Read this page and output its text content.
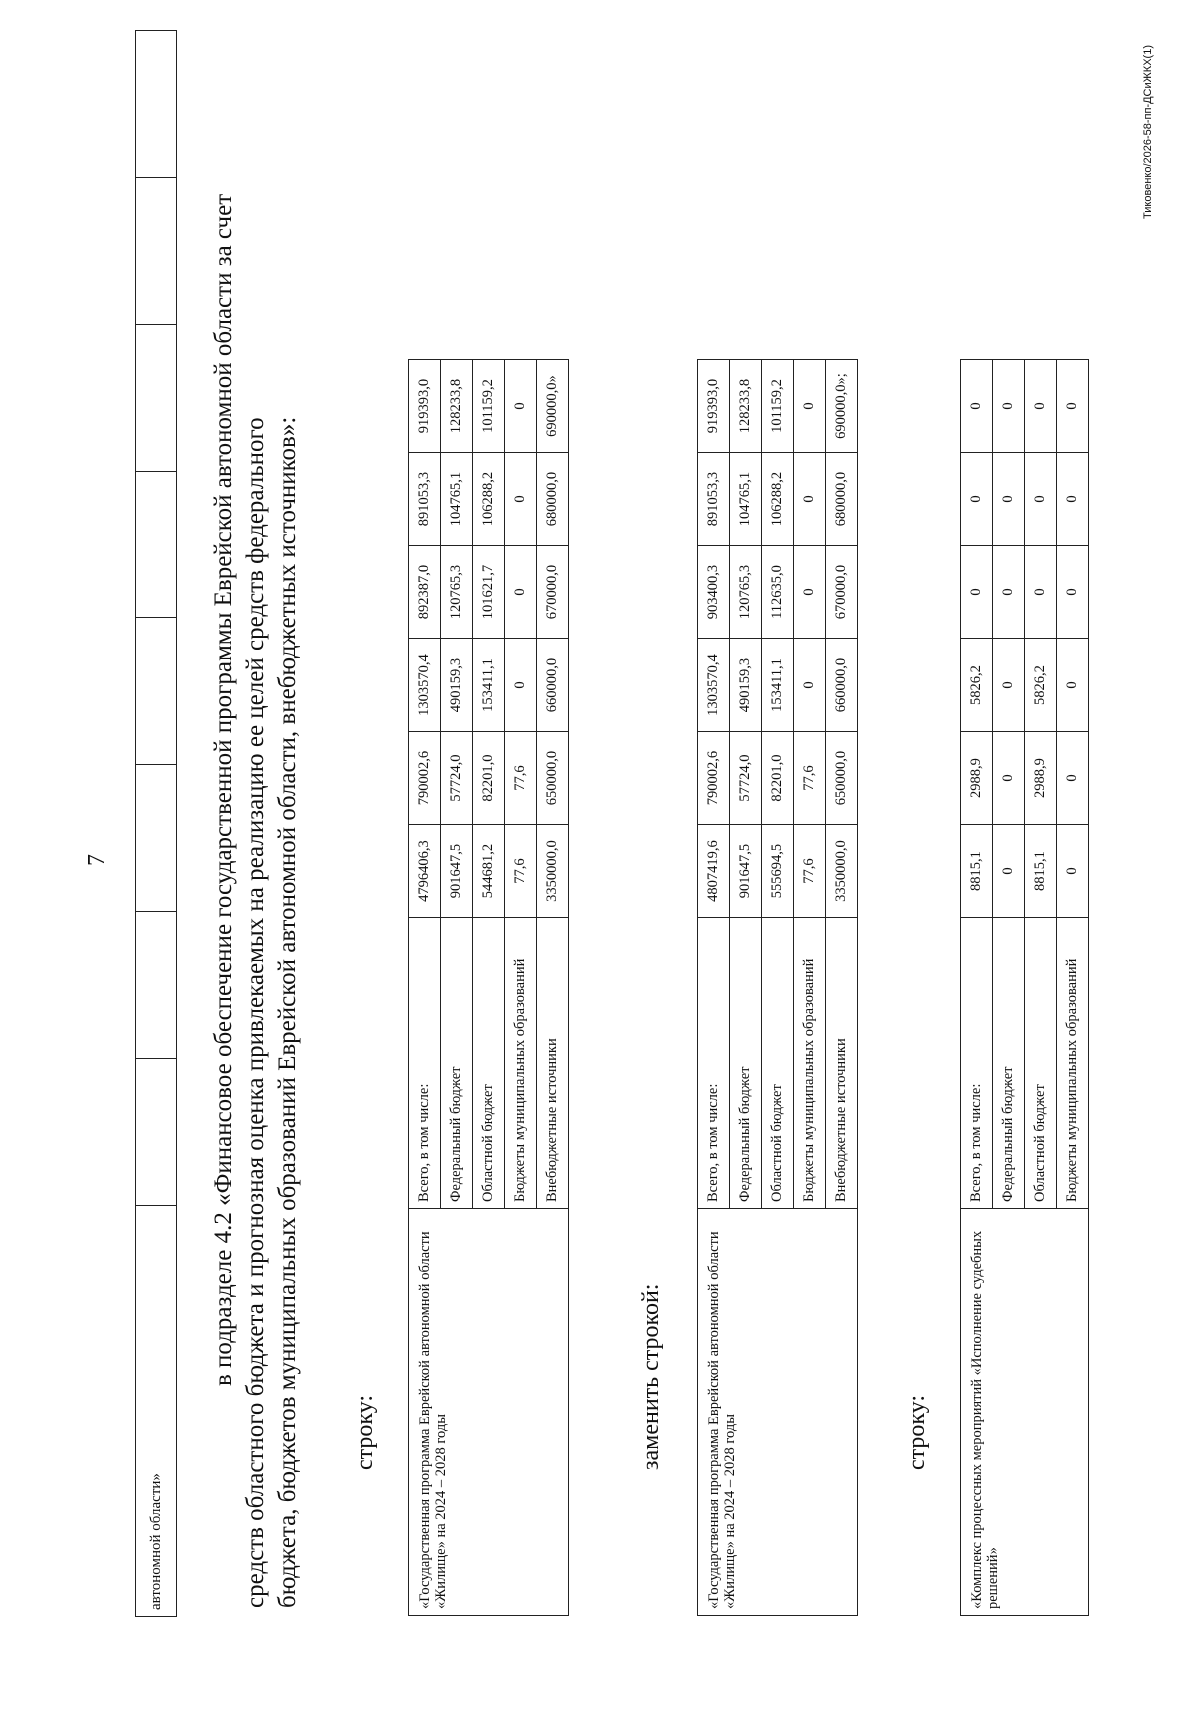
7
автономной области»								
в подразделе 4.2 «Финансовое обеспечение государственной программы Еврейской автономной области за счет средств областного бюджета и прогнозная оценка привлекаемых на реализацию ее целей средств федерального бюджета, бюджетов муниципальных образований Еврейской автономной области, внебюджетных источников»: строку:	«Государственная программа Еврейской автономной области «Жилище» на 2024 – 2028 годы	Всего, в том числе:	4796406,3	790002,6	1303570,4	892387,0	891053,3	919393,0
	Федеральный бюджет	901647,5	57724,0	490159,3	120765,3	104765,1	128233,8
	Областной бюджет	544681,2	82201,0	153411,1	101621,7	106288,2	101159,2
	Бюджеты муниципальных образований	77,6	77,6	0	0	0	0
	Внебюджетные источники	3350000,0	650000,0	660000,0	670000,0	680000,0	690000,0»
заменить строкой:	«Государственная программа Еврейской автономной области «Жилище» на 2024 – 2028 годы	Всего, в том числе:	4807419,6	790002,6	1303570,4	903400,3	891053,3	919393,0
	Федеральный бюджет	901647,5	57724,0	490159,3	120765,3	104765,1	128233,8
	Областной бюджет	555694,5	82201,0	153411,1	112635,0	106288,2	101159,2
	Бюджеты муниципальных образований	77,6	77,6	0	0	0	0
	Внебюджетные источники	3350000,0	650000,0	660000,0	670000,0	680000,0	690000,0»;
строку:	«Комплекс процессных мероприятий «Исполнение судебных решений»	Всего, в том числе:	8815,1	2988,9	5826,2	0	0	0
	Федеральный бюджет	0	0	0	0	0	0
	Областной бюджет	8815,1	2988,9	5826,2	0	0	0
	Бюджеты муниципальных образований	0	0	0	0	0	0
Тиковенко/2026-58-пп-ДСиЖКХ(1)
